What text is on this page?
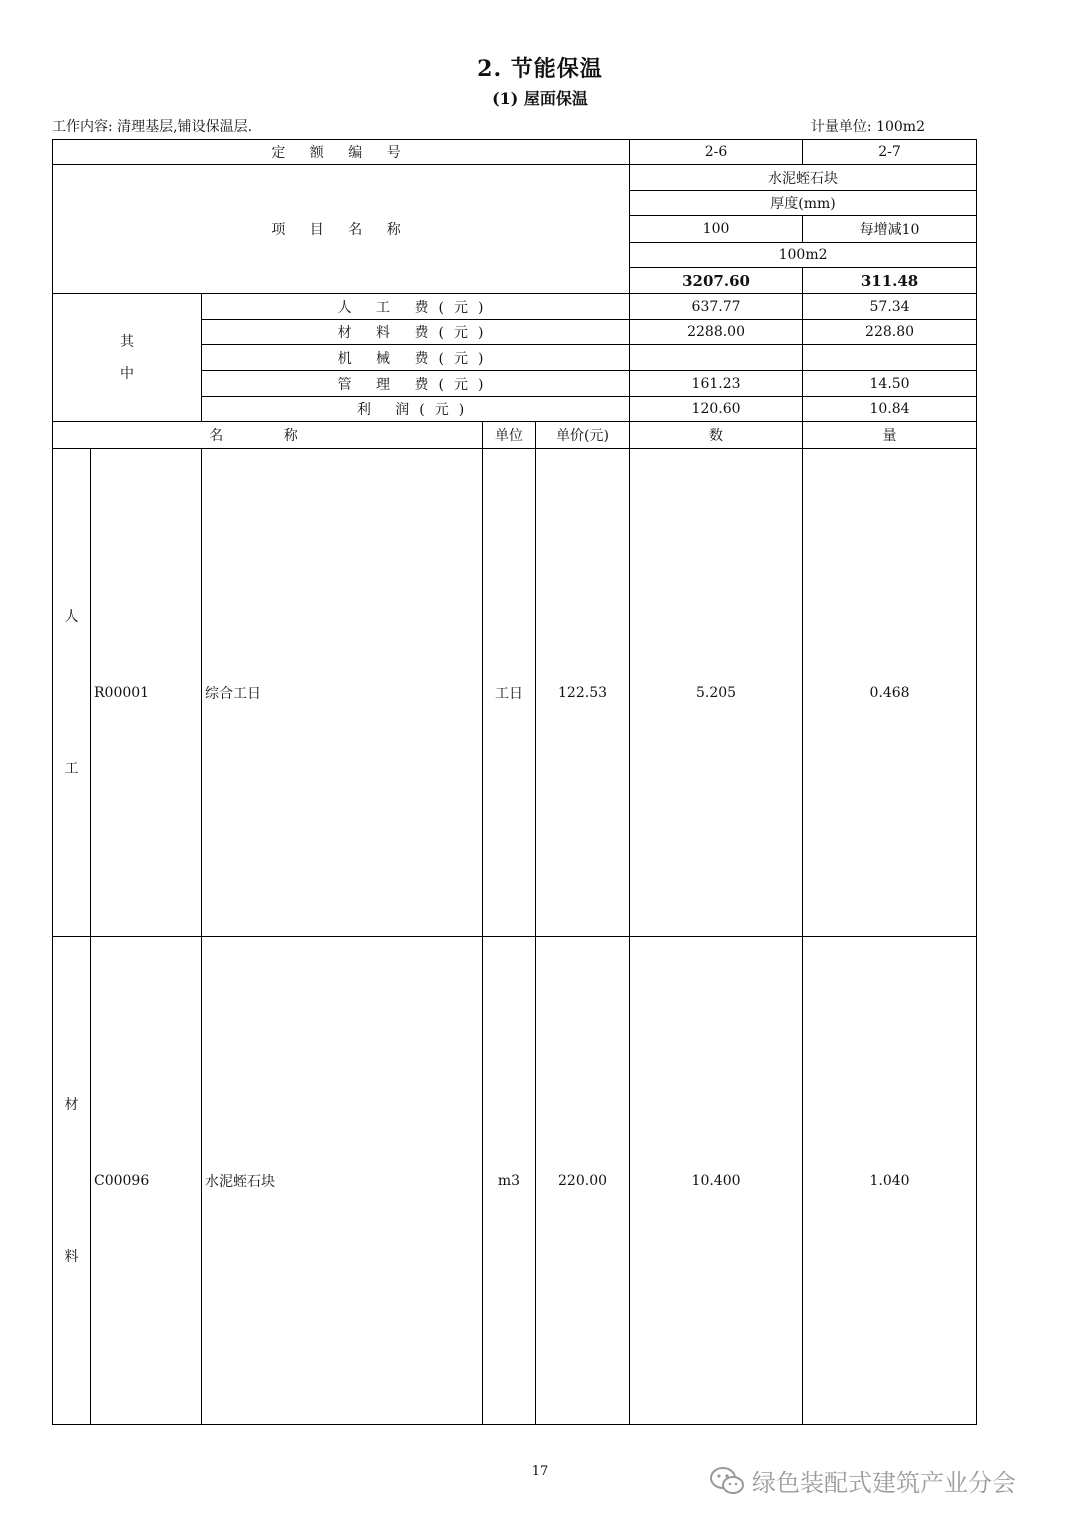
2. 节能保温
(1) 屋面保温
工作内容: 清理基层,铺设保温层.	计量单位: 100m2
定 额 编 号					2-6	2-7
项 目 名 称					水泥蛭石块	
					厚度(mm)	
					100	每增减10
					100m2	
					3207.60	311.48

其
中		人 工 费(元)			637.77	57.34
		材 料 费(元)			2288.00	228.80
		机 械 费(元)				
		管 理 费(元)			161.23	14.50
		利 润(元)			120.60	10.84
名 称			单位	单价(元)	数	量

人
工	R00001	综合工日	工日	122.53	5.205	0.468

材
料	C00096	水泥蛭石块	m3	220.00	10.400	1.040
17	绿色装配式建筑产业分会
